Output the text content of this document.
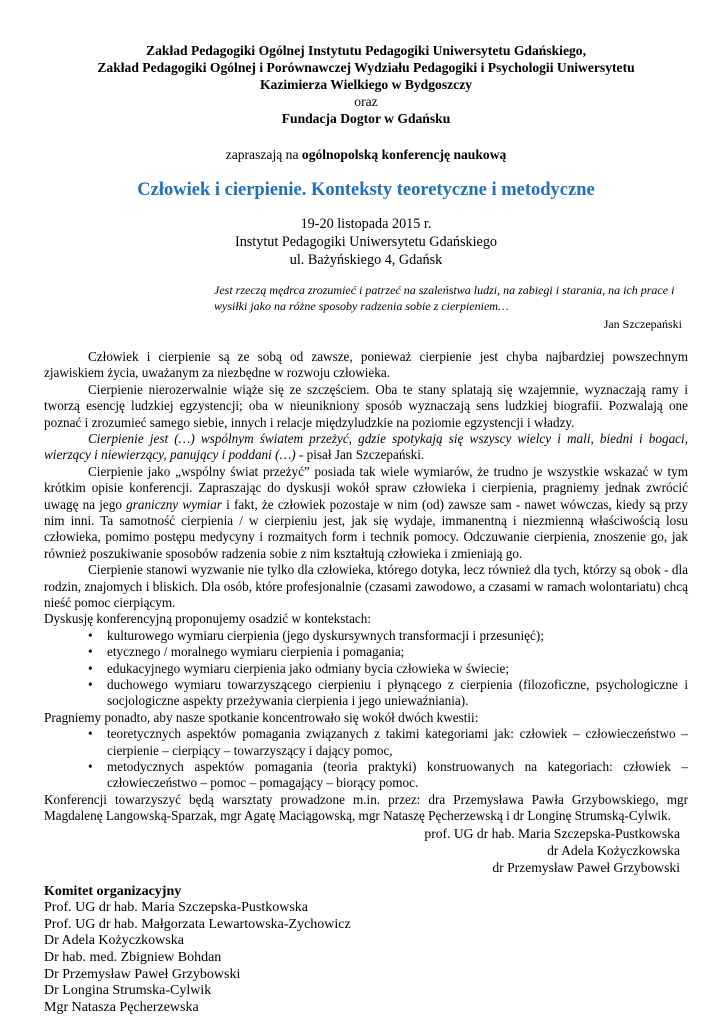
Zakład Pedagogiki Ogólnej Instytutu Pedagogiki Uniwersytetu Gdańskiego,
Zakład Pedagogiki Ogólnej i Porównawczej Wydziału Pedagogiki i Psychologii Uniwersytetu Kazimierza Wielkiego w Bydgoszczy
oraz
Fundacja Dogtor w Gdańsku
zapraszają na ogólnopolską konferencję naukową
Człowiek i cierpienie. Konteksty teoretyczne i metodyczne
19-20 listopada 2015 r.
Instytut Pedagogiki Uniwersytetu Gdańskiego
ul. Bażyńskiego 4, Gdańsk
Jest rzeczą mędrca zrozumieć i patrzeć na szaleństwa ludzi, na zabiegi i starania, na ich prace i wysiłki jako na różne sposoby radzenia sobie z cierpieniem…
Jan Szczepański

Człowiek i cierpienie są ze sobą od zawsze, ponieważ cierpienie jest chyba najbardziej powszechnym zjawiskiem życia, uważanym za niezbędne w rozwoju człowieka.

Cierpienie nierozerwalnie wiąże się ze szczęściem. Oba te stany splatają się wzajemnie, wyznaczają ramy i tworzą esencję ludzkiej egzystencji; oba w nieunikniony sposób wyznaczają sens ludzkiej biografii. Pozwalają one poznać i zrozumieć samego siebie, innych i relacje międzyludzkie na poziomie egzystencji i władzy.

Cierpienie jest (…) wspólnym światem przeżyć, gdzie spotykają się wszyscy wielcy i mali, biedni i bogaci, wierzący i niewierzący, panujący i poddani (…) - pisał Jan Szczepański.

Cierpienie jako „wspólny świat przeżyć” posiada tak wiele wymiarów, że trudno je wszystkie wskazać w tym krótkim opisie konferencji. Zapraszając do dyskusji wokół spraw człowieka i cierpienia, pragniemy jednak zwrócić uwagę na jego graniczny wymiar i fakt, że człowiek pozostaje w nim (od) zawsze sam - nawet wówczas, kiedy są przy nim inni. Ta samotność cierpienia / w cierpieniu jest, jak się wydaje, immanentną i niezmienną właściwością losu człowieka, pomimo postępu medycyny i rozmaitych form i technik pomocy. Odczuwanie cierpienia, znoszenie go, jak również poszukiwanie sposobów radzenia sobie z nim kształtują człowieka i zmieniają go.

Cierpienie stanowi wyzwanie nie tylko dla człowieka, którego dotyka, lecz również dla tych, którzy są obok - dla rodzin, znajomych i bliskich. Dla osób, które profesjonalnie (czasami zawodowo, a czasami w ramach wolontariatu) chcą nieść pomoc cierpiącym.

Dyskusję konferencyjną proponujemy osadzić w kontekstach:

• kulturowego wymiaru cierpienia (jego dyskursywnych transformacji i przesunięć);
• etycznego / moralnego wymiaru cierpienia i pomagania;
• edukacyjnego wymiaru cierpienia jako odmiany bycia człowieka w świecie;
• duchowego wymiaru towarzyszącego cierpieniu i płynącego z cierpienia (filozoficzne, psychologiczne i socjologiczne aspekty przeżywania cierpienia i jego uniewaźniania).

Pragniemy ponadto, aby nasze spotkanie koncentrowało się wokół dwóch kwestii:

• teoretycznych aspektów pomagania związanych z takimi kategoriami jak: człowiek – człowieczeństwo – cierpienie – cierpiący – towarzyszący i dający pomoc,
• metodycznych aspektów pomagania (teoria praktyki) konstruowanych na kategoriach: człowiek – człowieczeństwo – pomoc – pomagający – biorący pomoc.

Konferencji towarzyszyć będą warsztaty prowadzone m.in. przez: dra Przemysława Pawła Grzybowskiego, mgr Magdalenę Langowską-Sparzak, mgr Agatę Maciągowską, mgr Nataszę Pęcherzewską i dr Longinę Strumską-Cylwik.

prof. UG dr hab. Maria Szczepska-Pustkowska
dr Adela Kożyczkowska
dr Przemysław Paweł Grzybowski
Komitet organizacyjny
Prof. UG dr hab. Maria Szczepska-Pustkowska
Prof. UG dr hab. Małgorzata Lewartowska-Zychowicz
Dr Adela Kożyczkowska
Dr hab. med. Zbigniew Bohdan
Dr Przemysław Paweł Grzybowski
Dr Longina Strumska-Cylwik
Mgr Natasza Pęcherzewska
